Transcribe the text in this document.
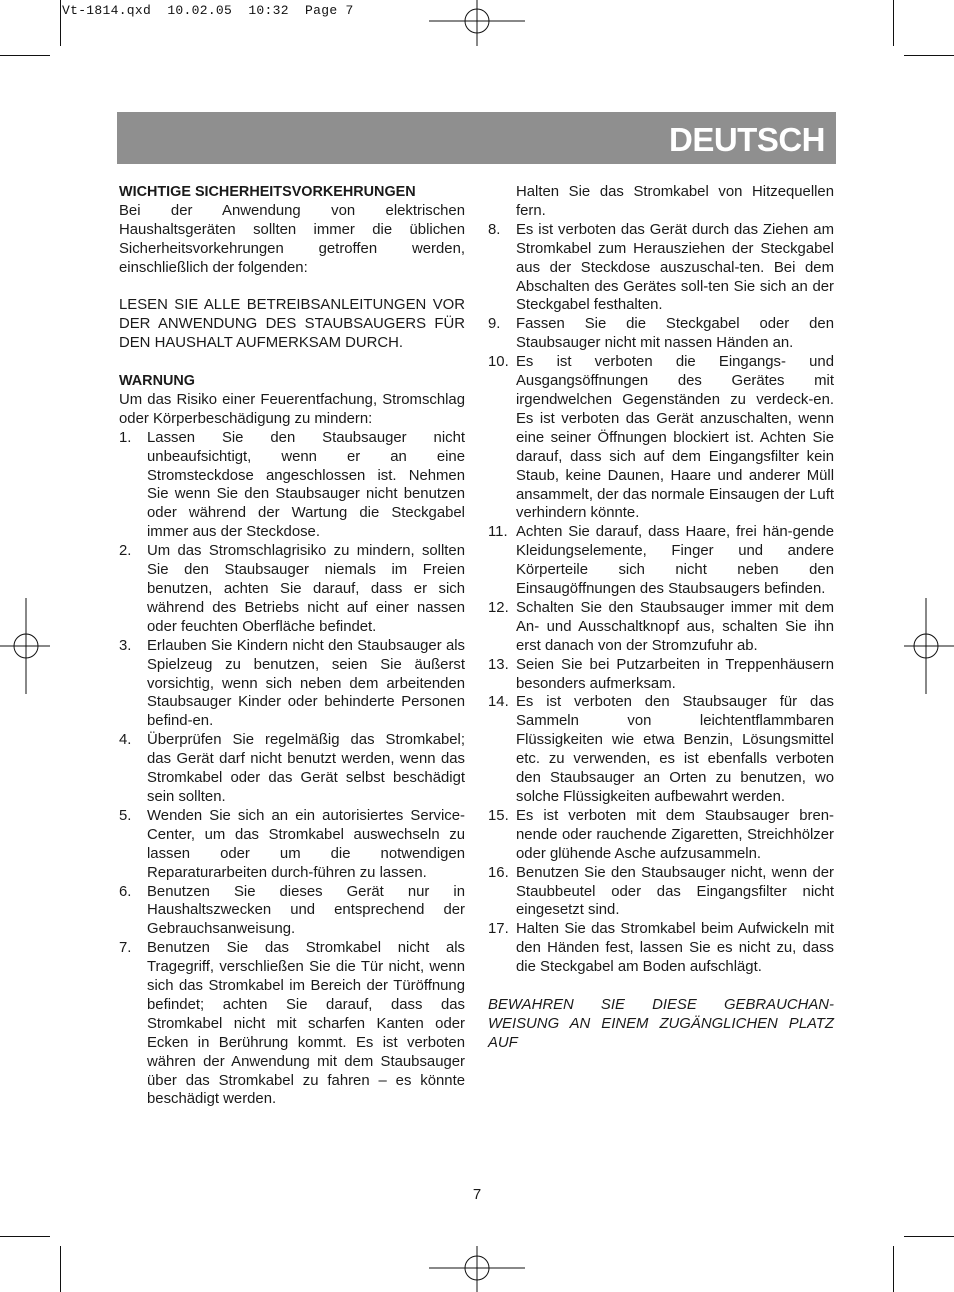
Vt-1814.qxd  10.02.05  10:32  Page 7
DEUTSCH

WICHTIGE SICHERHEITSVORKEHRUNGEN

Bei der Anwendung von elektrischen Haushaltsgeräten sollten immer die üblichen Sicherheitsvorkehrungen getroffen werden, einschließlich der folgenden:

LESEN SIE ALLE BETREIBSANLEITUNGEN VOR DER ANWENDUNG DES STAUBSAUGERS FÜR DEN HAUSHALT AUFMERKSAM DURCH.

WARNUNG

Um das Risiko einer Feuerentfachung, Stromschlag oder Körperbeschädigung zu mindern:

1.	Lassen Sie den Staubsauger nicht unbeaufsichtigt, wenn er an eine Stromsteckdose angeschlossen ist. Nehmen Sie wenn Sie den Staubsauger nicht benutzen oder während der Wartung die Steckgabel immer aus der Steckdose.
2.	Um das Stromschlagrisiko zu mindern, sollten Sie den Staubsauger niemals im Freien benutzen, achten Sie darauf, dass er sich während des Betriebs nicht auf einer nassen oder feuchten Oberfläche befindet.
3.	Erlauben Sie Kindern nicht den Staubsauger als Spielzeug zu benutzen, seien Sie äußerst vorsichtig, wenn sich neben dem arbeitenden Staubsauger Kinder oder behinderte Personen befind-en.
4.	Überprüfen Sie regelmäßig das Stromkabel; das Gerät darf nicht benutzt werden, wenn das Stromkabel oder das Gerät selbst beschädigt sein sollten.
5.	Wenden Sie sich an ein autorisiertes Service-Center, um das Stromkabel auswechseln zu lassen oder um die notwendigen Reparaturarbeiten durch-führen zu lassen.
6.	Benutzen Sie dieses Gerät nur in Haushaltszwecken und entsprechend der Gebrauchsanweisung.
7.	Benutzen Sie das Stromkabel nicht als Tragegriff, verschließen Sie die Tür nicht, wenn sich das Stromkabel im Bereich der Türöffnung befindet; achten Sie darauf, dass das Stromkabel nicht mit scharfen Kanten oder Ecken in Berührung kommt. Es ist verboten währen der Anwendung mit dem Staubsauger über das Stromkabel zu fahren – es könnte beschädigt werden.

Halten Sie das Stromkabel von Hitzequellen fern.

8.	Es ist verboten das Gerät durch das Ziehen am Stromkabel zum Herausziehen der Steckgabel aus der Steckdose auszuschal-ten. Bei dem Abschalten des Gerätes soll-ten Sie sich an der Steckgabel festhalten.
9.	Fassen Sie die Steckgabel oder den Staubsauger nicht mit nassen Händen an.
10. Es ist verboten die Eingangs- und Ausgangsöffnungen des Gerätes mit irgendwelchen Gegenständen zu verdeck-en. Es ist verboten das Gerät anzuschalten, wenn eine seiner Öffnungen blockiert ist. Achten Sie darauf, dass sich auf dem Eingangsfilter kein Staub, keine Daunen, Haare und anderer Müll ansammelt, der das normale Einsaugen der Luft verhindern könnte.
11. Achten Sie darauf, dass Haare, frei hän-gende Kleidungselemente, Finger und andere Körperteile sich nicht neben den Einsaugöffnungen des Staubsaugers befinden.
12. Schalten Sie den Staubsauger immer mit dem An- und Ausschaltknopf aus, schalten Sie ihn erst danach von der Stromzufuhr ab.
13. Seien Sie bei Putzarbeiten in Treppenhäusern besonders aufmerksam.
14. Es ist verboten den Staubsauger für das Sammeln von leichtentflammbaren Flüssigkeiten wie etwa Benzin, Lösungsmittel etc. zu verwenden, es ist ebenfalls verboten den Staubsauger an Orten zu benutzen, wo solche Flüssigkeiten aufbewahrt werden.
15. Es ist verboten mit dem Staubsauger bren-nende oder rauchende Zigaretten, Streichhölzer oder glühende Asche aufzusammeln.
16. Benutzen Sie den Staubsauger nicht, wenn der Staubbeutel oder das Eingangsfilter nicht eingesetzt sind.
17. Halten Sie das Stromkabel beim Aufwickeln mit den Händen fest, lassen Sie es nicht zu, dass die Steckgabel am Boden aufschlägt.

BEWAHREN SIE DIESE GEBRAUCHAN-WEISUNG AN EINEM ZUGÄNGLICHEN PLATZ AUF

7
